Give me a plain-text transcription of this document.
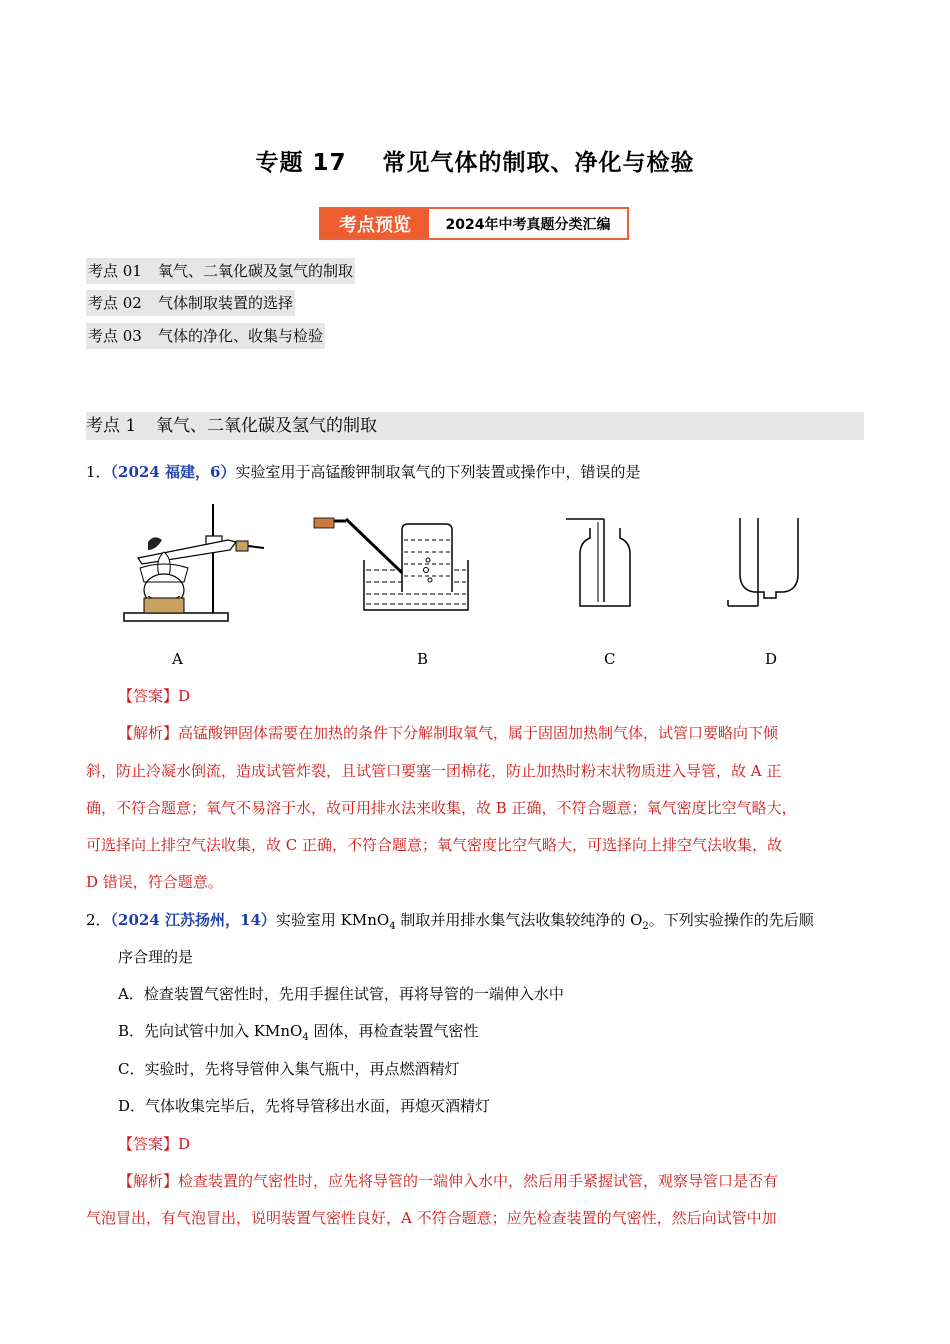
专题 17 常见气体的制取、净化与检验
考点预览	2024年中考真题分类汇编
考点 01 氧气、二氧化碳及氢气的制取
考点 02 气体制取装置的选择
考点 03 气体的净化、收集与检验
考点 1 氧气、二氧化碳及氢气的制取
1．（2024 福建，6）实验室用于高锰酸钾制取氧气的下列装置或操作中，错误的是
A	B	C	D
【答案】D
【解析】高锰酸钾固体需要在加热的条件下分解制取氧气，属于固固加热制气体，试管口要略向下倾
斜，防止冷凝水倒流，造成试管炸裂，且试管口要塞一团棉花，防止加热时粉末状物质进入导管，故 A 正
确，不符合题意；氧气不易溶于水，故可用排水法来收集，故 B 正确，不符合题意；氧气密度比空气略大，
可选择向上排空气法收集，故 C 正确，不符合题意；氧气密度比空气略大，可选择向上排空气法收集，故
D 错误，符合题意。
2．（2024 江苏扬州，14）实验室用 KMnO$_4$ 制取并用排水集气法收集较纯净的 $O_2$。下列实验操作的先后顺
序合理的是
A．检查装置气密性时，先用手握住试管，再将导管的一端伸入水中
B．先向试管中加入 KMnO$_4$ 固体，再检查装置气密性
C．实验时，先将导管伸入集气瓶中，再点燃酒精灯
D．气体收集完毕后，先将导管移出水面，再熄灭酒精灯
【答案】D
【解析】检查装置的气密性时，应先将导管的一端伸入水中，然后用手紧握试管，观察导管口是否有
气泡冒出，有气泡冒出，说明装置气密性良好，A 不符合题意；应先检查装置的气密性，然后向试管中加
